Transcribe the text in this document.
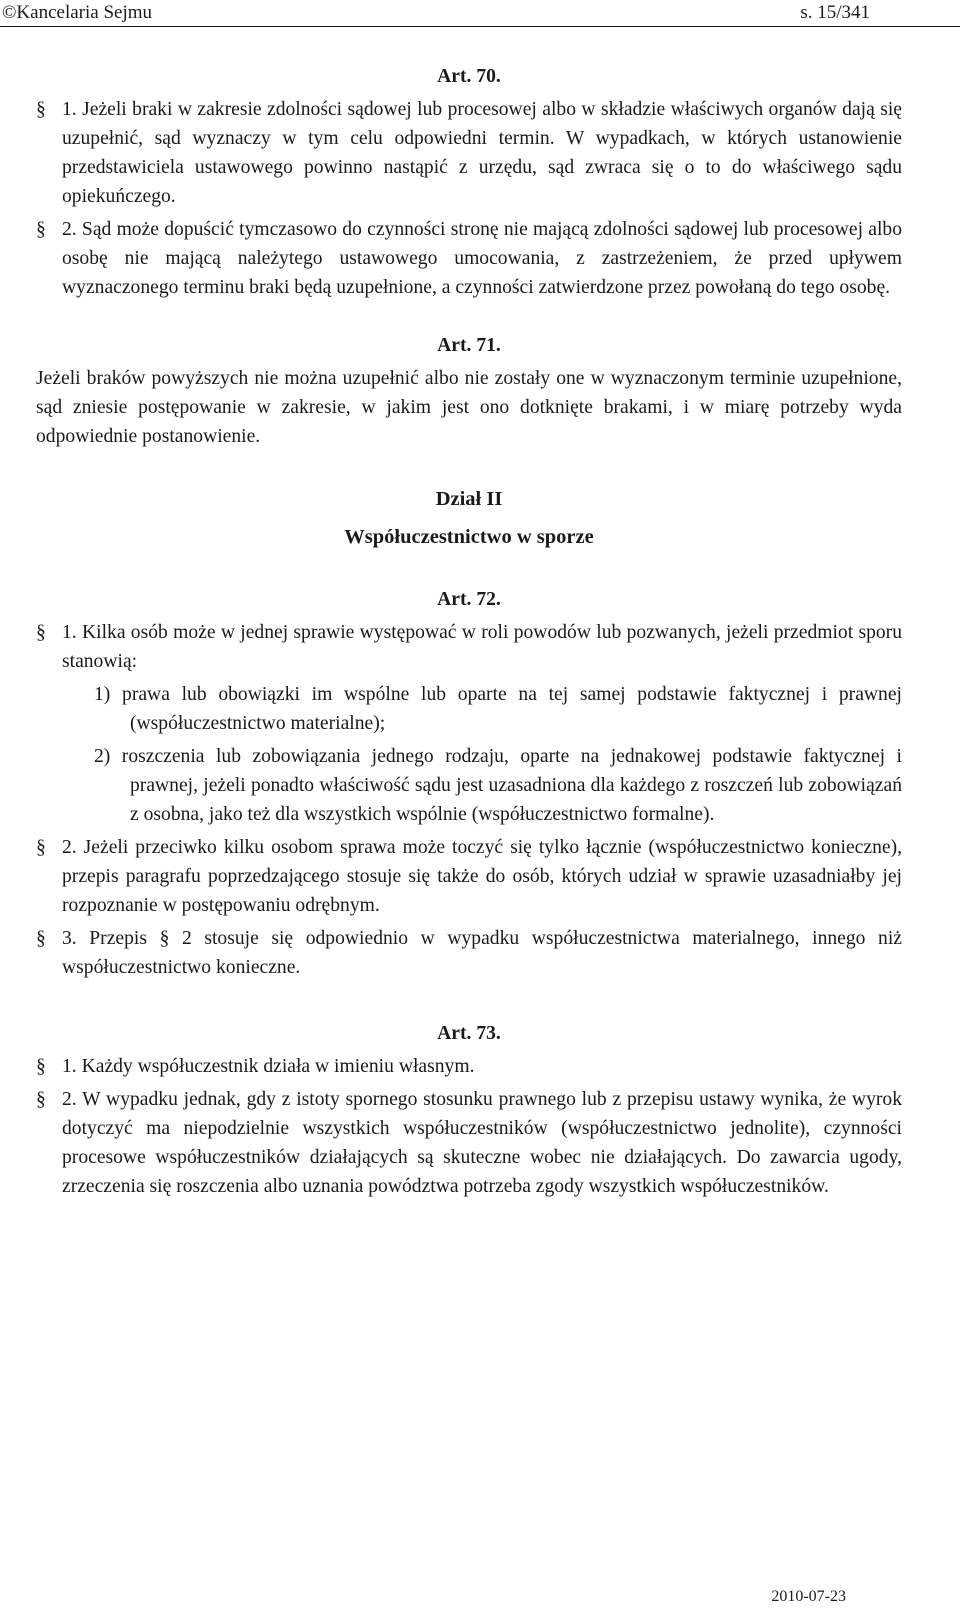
©Kancelaria Sejmu	s. 15/341

Art. 70.

§ 1. Jeżeli braki w zakresie zdolności sądowej lub procesowej albo w składzie właściwych organów dają się uzupełnić, sąd wyznaczy w tym celu odpowiedni termin. W wypadkach, w których ustanowienie przedstawiciela ustawowego powinno nastąpić z urzędu, sąd zwraca się o to do właściwego sądu opiekuńczego.

§ 2. Sąd może dopuścić tymczasowo do czynności stronę nie mającą zdolności sądowej lub procesowej albo osobę nie mającą należytego ustawowego umocowania, z zastrzeżeniem, że przed upływem wyznaczonego terminu braki będą uzupełnione, a czynności zatwierdzone przez powołaną do tego osobę.

Art. 71.

Jeżeli braków powyższych nie można uzupełnić albo nie zostały one w wyznaczonym terminie uzupełnione, sąd zniesie postępowanie w zakresie, w jakim jest ono dotknięte brakami, i w miarę potrzeby wyda odpowiednie postanowienie.

Dział II

Współuczestnictwo w sporze

Art. 72.

§ 1. Kilka osób może w jednej sprawie występować w roli powodów lub pozwanych, jeżeli przedmiot sporu stanowią:

1) prawa lub obowiązki im wspólne lub oparte na tej samej podstawie faktycznej i prawnej (współuczestnictwo materialne);

2) roszczenia lub zobowiązania jednego rodzaju, oparte na jednakowej podstawie faktycznej i prawnej, jeżeli ponadto właściwość sądu jest uzasadniona dla każdego z roszczeń lub zobowiązań z osobna, jako też dla wszystkich wspólnie (współuczestnictwo formalne).

§ 2. Jeżeli przeciwko kilku osobom sprawa może toczyć się tylko łącznie (współuczestnictwo konieczne), przepis paragrafu poprzedzającego stosuje się także do osób, których udział w sprawie uzasadniałby jej rozpoznanie w postępowaniu odrębnym.

§ 3. Przepis § 2 stosuje się odpowiednio w wypadku współuczestnictwa materialnego, innego niż współuczestnictwo konieczne.

Art. 73.

§ 1. Każdy współuczestnik działa w imieniu własnym.

§ 2. W wypadku jednak, gdy z istoty spornego stosunku prawnego lub z przepisu ustawy wynika, że wyrok dotyczyć ma niepodzielnie wszystkich współuczestników (współuczestnictwo jednolite), czynności procesowe współuczestników działających są skuteczne wobec nie działających. Do zawarcia ugody, zrzeczenia się roszczenia albo uznania powództwa potrzeba zgody wszystkich współuczestników.

2010-07-23
